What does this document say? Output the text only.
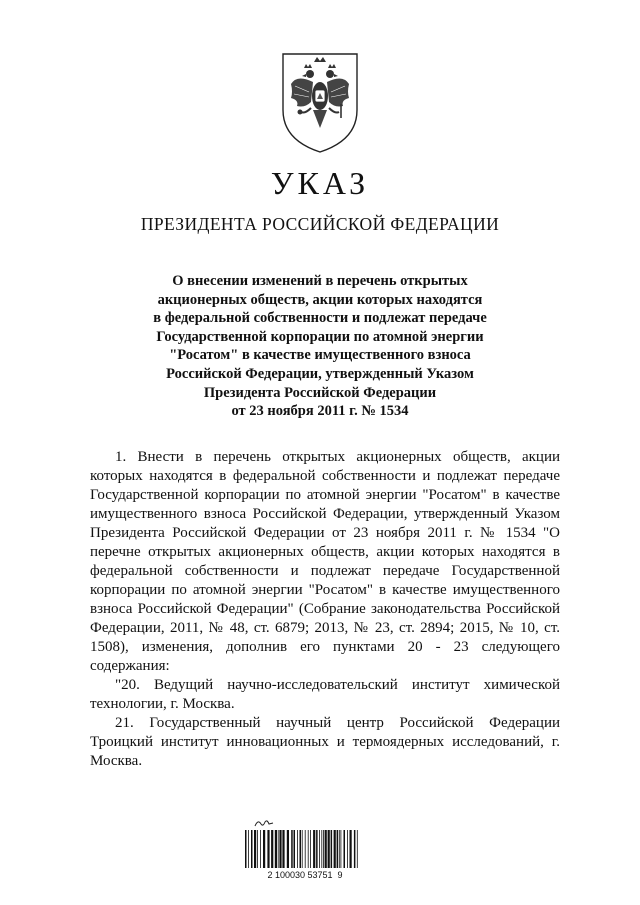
УКАЗ
ПРЕЗИДЕНТА РОССИЙСКОЙ ФЕДЕРАЦИИ
О внесении изменений в перечень открытых
акционерных обществ, акции которых находятся
в федеральной собственности и подлежат передаче
Государственной корпорации по атомной энергии
"Росатом" в качестве имущественного взноса
Российской Федерации, утвержденный Указом
Президента Российской Федерации
от 23 ноября 2011 г. № 1534

1. Внести в перечень открытых акционерных обществ, акции которых находятся в федеральной собственности и подлежат передаче Государственной корпорации по атомной энергии "Росатом" в качестве имущественного взноса Российской Федерации, утвержденный Указом Президента Российской Федерации от 23 ноября 2011 г. № 1534 "О перечне открытых акционерных обществ, акции которых находятся в федеральной собственности и подлежат передаче Государственной корпорации по атомной энергии "Росатом" в качестве имущественного взноса Российской Федерации" (Собрание законодательства Российской Федерации, 2011, № 48, ст. 6879; 2013, № 23, ст. 2894; 2015, № 10, ст. 1508), изменения, дополнив его пунктами 20 - 23 следующего содержания:

"20. Ведущий научно-исследовательский институт химической технологии, г. Москва.

21. Государственный научный центр Российской Федерации Троицкий институт инновационных и термоядерных исследований, г. Москва.

2 100030 53751  9
